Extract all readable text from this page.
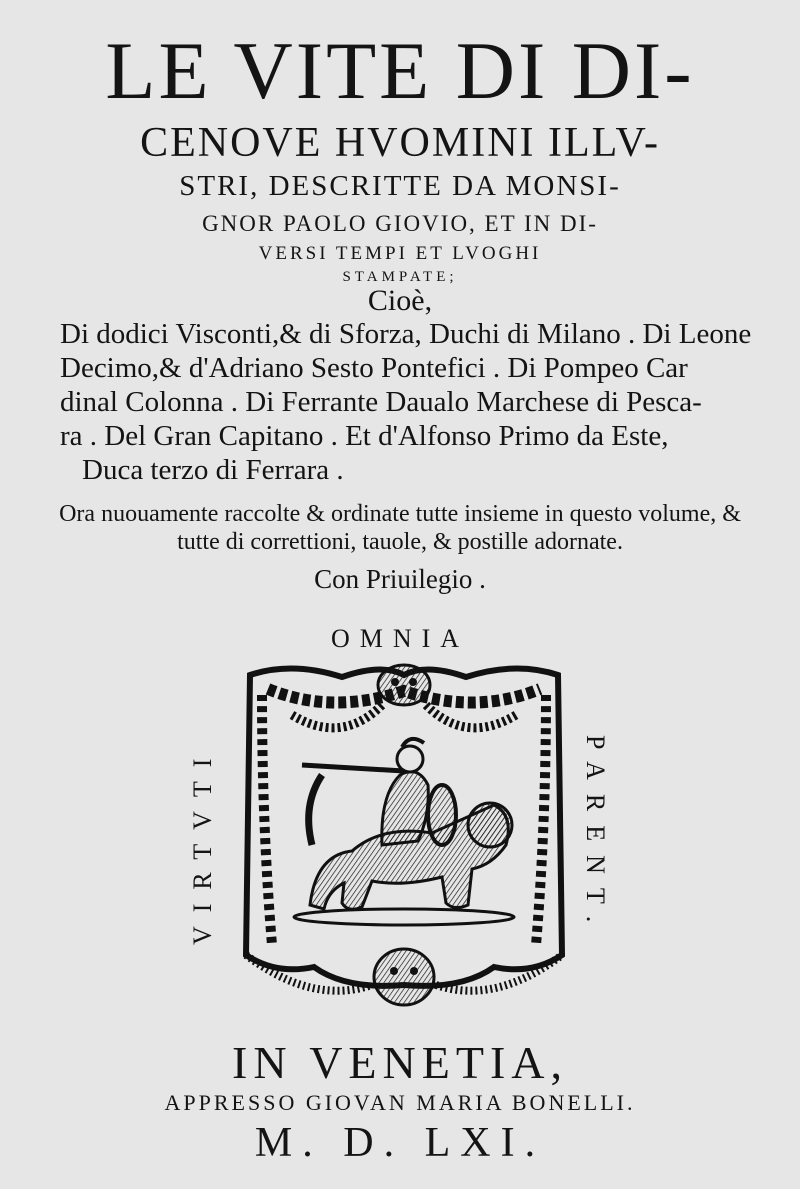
LE VITE DI DI-
CENOVE HVOMINI ILLV-
STRI, DESCRITTE DA MONSI-
GNOR PAOLO GIOVIO, ET IN DI-
VERSI TEMPI ET LVOGHI
STAMPATE;
Cioè,
Di dodici Visconti,& di Sforza, Duchi di Milano . Di Leone
Decimo,& d'Adriano Sesto Pontefici . Di Pompeo Car
dinal Colonna . Di Ferrante Daualo Marchese di Pescа-
ra . Del Gran Capitano . Et d'Alfonso Primo da Este,
Duca terzo di Ferrara .
Ora nuouamente raccolte & ordinate tutte insieme in questo volume, &
tutte di correttioni, tauole, & postille adornate.
Con Priuilegio .
OMNIA
VIRTVTI	PARENT.
IN VENETIA,
APPRESSO GIOVAN MARIA BONELLI.
M. D. LXI.
